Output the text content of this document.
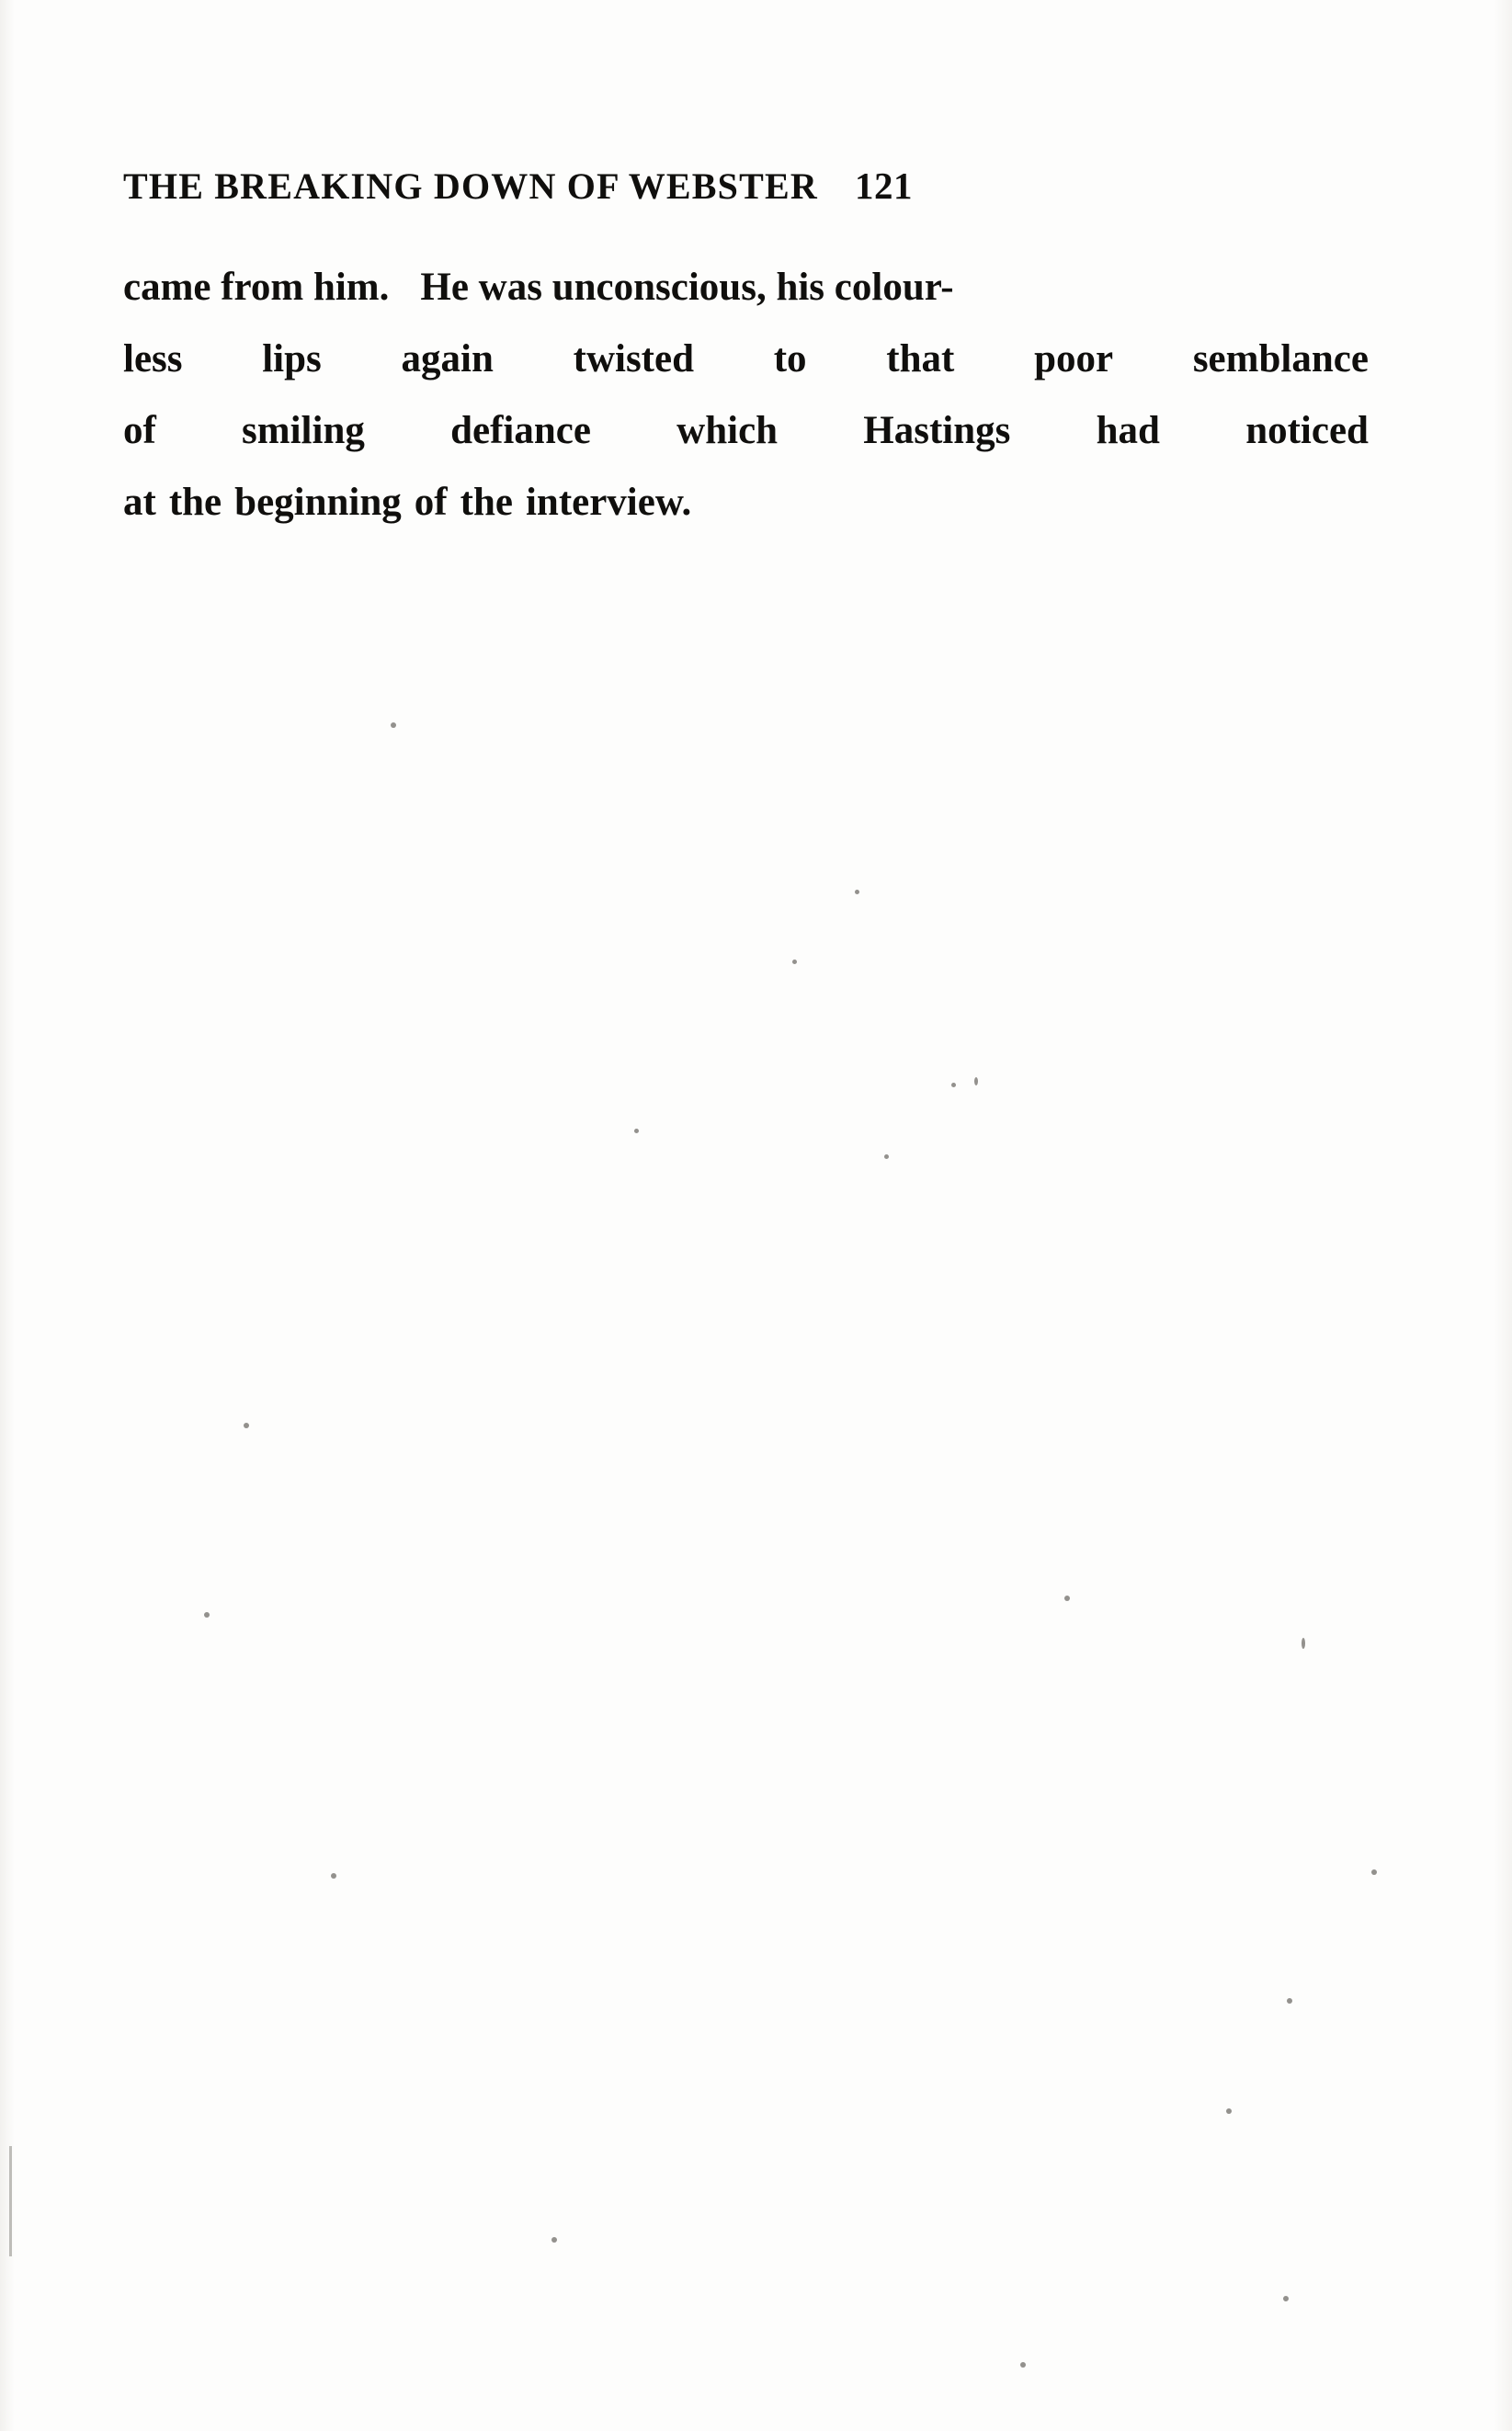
THE BREAKING DOWN OF WEBSTER 121
came from him. He was unconscious, his colour-
less lips again twisted to that poor semblance
of smiling defiance which Hastings had noticed
at the beginning of the interview.
